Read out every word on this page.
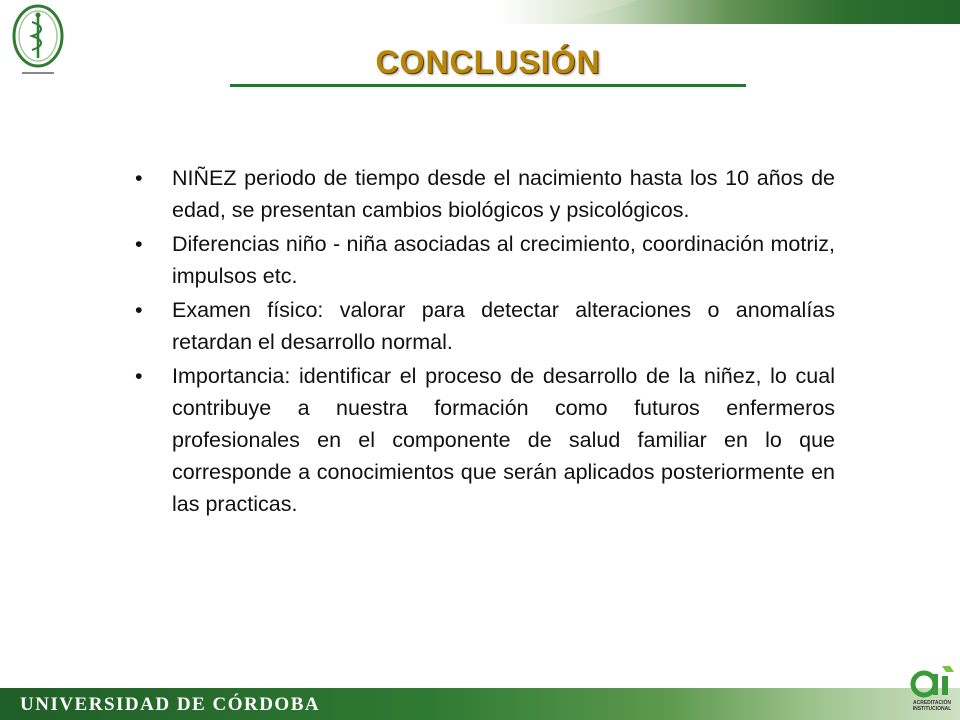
CONCLUSIÓN
•	NIÑEZ periodo de tiempo desde el nacimiento hasta los 10 años de edad, se presentan cambios biológicos y psicológicos.
•	Diferencias niño - niña asociadas al crecimiento, coordinación motriz, impulsos etc.
•	Examen físico: valorar para detectar alteraciones o anomalías retardan el desarrollo normal.
•	Importancia: identificar el proceso de desarrollo de la niñez, lo cual contribuye a nuestra formación como futuros enfermeros profesionales en el componente de salud familiar en lo que corresponde a conocimientos que serán aplicados posteriormente en las practicas.
UNIVERSIDAD DE CÓRDOBA	ACREDITACIÓN INSTITUCIONAL
